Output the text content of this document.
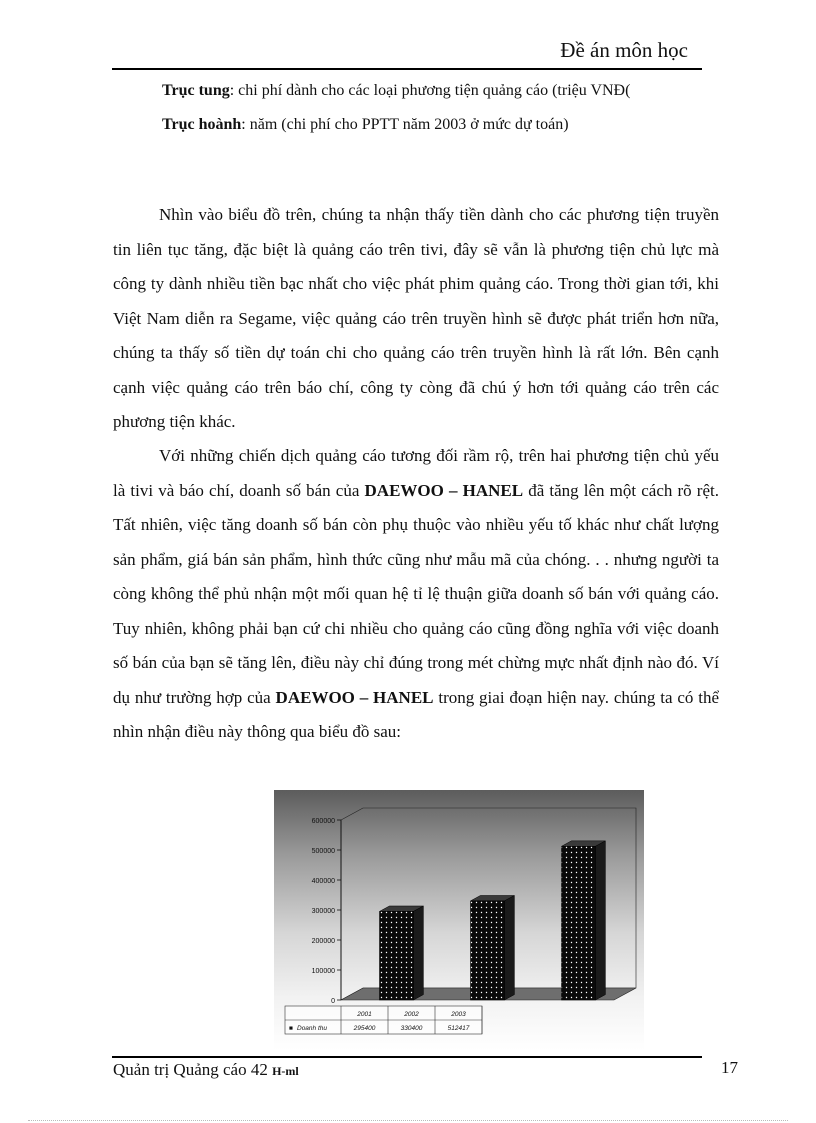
Đề án môn học
Trục tung: chi phí dành cho các loại phương tiện quảng cáo (triệu VNĐ(
Trục hoành: năm (chi phí cho PPTT năm 2003 ở mức dự toán)

Nhìn vào biểu đồ trên, chúng ta nhận thấy tiền dành cho các phương tiện truyền tin liên tục tăng, đặc biệt là quảng cáo trên tivi, đây sẽ vẫn là phương tiện chủ lực mà công ty dành nhiều tiền bạc nhất cho việc phát phim quảng cáo. Trong thời gian tới, khi Việt Nam diễn ra Segame, việc quảng cáo trên truyền hình sẽ được phát triển hơn nữa, chúng ta thấy số tiền dự toán chi cho quảng cáo trên truyền hình là rất lớn. Bên cạnh cạnh việc quảng cáo trên báo chí, công ty còng đã chú ý hơn tới quảng cáo trên các phương tiện khác.

Với những chiến dịch quảng cáo tương đối rầm rộ, trên hai phương tiện chủ yếu là tivi và báo chí, doanh số bán của DAEWOO – HANEL đã tăng lên một cách rõ rệt. Tất nhiên, việc tăng doanh số bán còn phụ thuộc vào nhiều yếu tố khác như chất lượng sản phẩm, giá bán sản phẩm, hình thức cũng như mẫu mã của chóng. . . nhưng người ta còng không thể phủ nhận một mối quan hệ tỉ lệ thuận giữa doanh số bán với quảng cáo. Tuy nhiên, không phải bạn cứ chi nhiều cho quảng cáo cũng đồng nghĩa với việc doanh số bán của bạn sẽ tăng lên, điều này chỉ đúng trong mét chừng mực nhất định nào đó. Ví dụ như trường hợp của DAEWOO – HANEL trong giai đoạn hiện nay. chúng ta có thể nhìn nhận điều này thông qua biểu đồ sau:

0
100000
200000
300000
400000
500000
600000
2001
295400
2002
330400
2003
512417
■ Doanh thu
Quản trị Quảng cáo 42 H-ml	17
